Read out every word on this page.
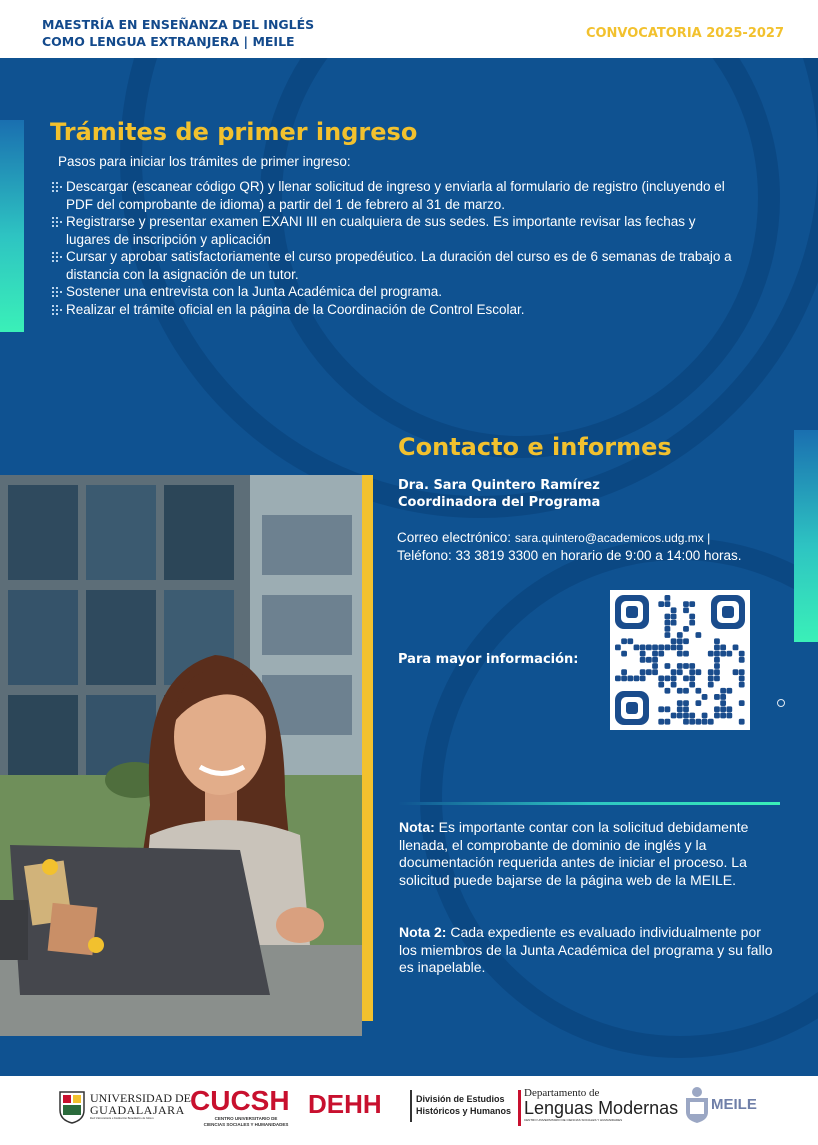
MAESTRÍA EN ENSEÑANZA DEL INGLÉS
COMO LENGUA EXTRANJERA | MEILE
CONVOCATORIA 2025-2027
Trámites de primer ingreso
Pasos para iniciar los trámites de primer ingreso:
Descargar (escanear código QR) y llenar solicitud de ingreso y enviarla al formulario de registro (incluyendo el PDF del comprobante de idioma) a partir del 1 de febrero al 31 de marzo.
Registrarse y presentar examen EXANI III en cualquiera de sus sedes. Es importante revisar las fechas y lugares de inscripción y aplicación
Cursar y aprobar satisfactoriamente el curso propedéutico. La duración del curso es de 6 semanas de trabajo a distancia con la asignación de un tutor.
Sostener una entrevista con la Junta Académica del programa.
Realizar el trámite oficial en la página de la Coordinación de Control Escolar.
Contacto e informes
Dra. Sara Quintero Ramírez
Coordinadora del Programa
Correo electrónico: sara.quintero@academicos.udg.mx |
Teléfono: 33 3819 3300 en horario de 9:00 a 14:00 horas.
Para mayor información:
Nota: Es importante contar con la solicitud debidamente llenada, el comprobante de dominio de inglés y la documentación requerida antes de iniciar el proceso. La solicitud puede bajarse de la página web de la MEILE.
Nota 2: Cada expediente es evaluado individualmente por los miembros de la Junta Académica del programa y su fallo es inapelable.
UNIVERSIDAD DE
GUADALAJARA
Red Universitaria e Institución Benemérita de Jalisco
CUCSH
CENTRO UNIVERSITARIO DE
CIENCIAS SOCIALES Y HUMANIDADES
DEHH	División de Estudios
Históricos y Humanos
Departamento de
Lenguas Modernas
CENTRO UNIVERSITARIO DE CIENCIAS SOCIALES Y HUMANIDADES
MEILE
